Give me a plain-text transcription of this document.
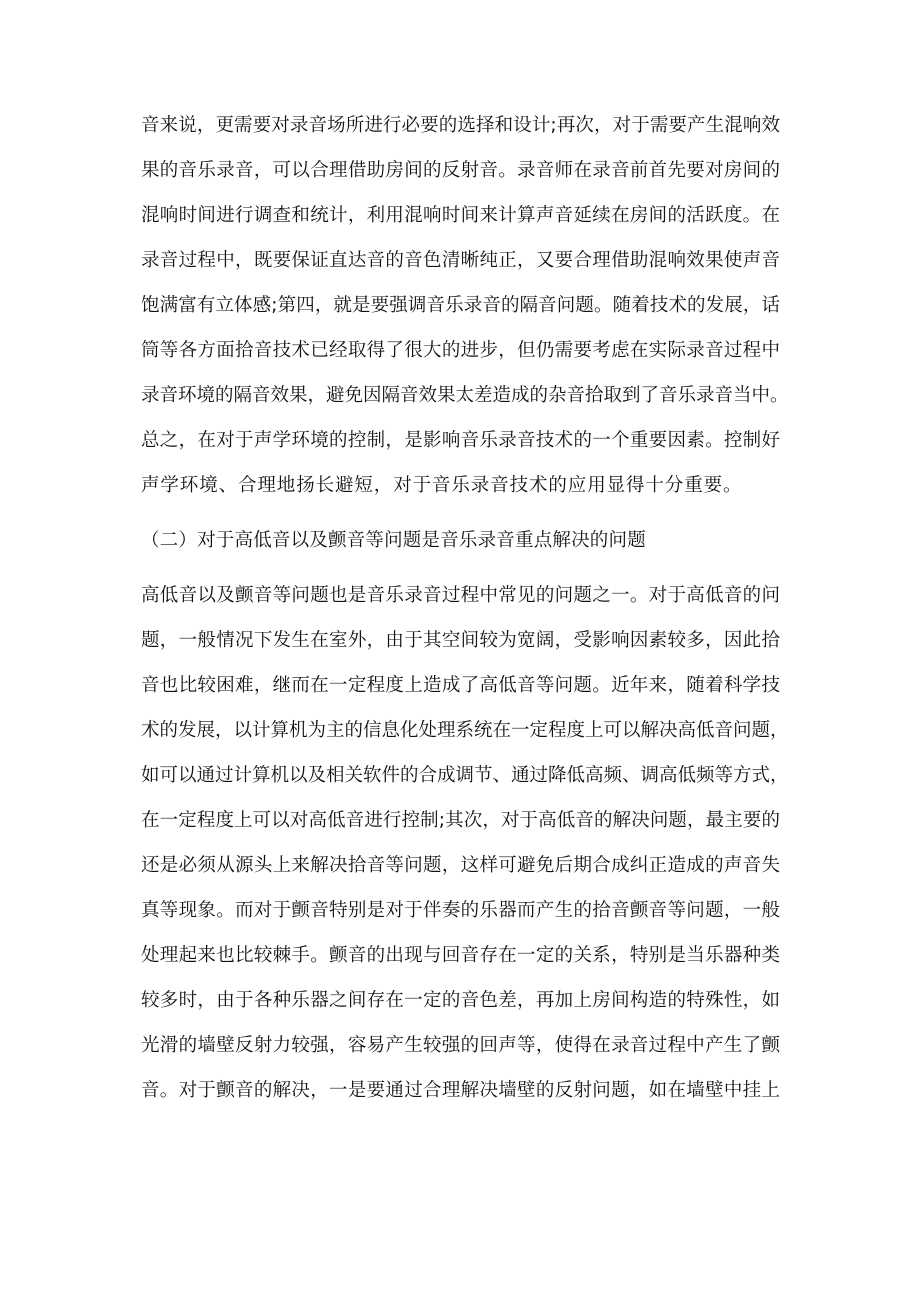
音来说，更需要对录音场所进行必要的选择和设计;再次，对于需要产生混响效
果的音乐录音，可以合理借助房间的反射音。录音师在录音前首先要对房间的
混响时间进行调查和统计，利用混响时间来计算声音延续在房间的活跃度。在
录音过程中，既要保证直达音的音色清晰纯正，又要合理借助混响效果使声音
饱满富有立体感;第四，就是要强调音乐录音的隔音问题。随着技术的发展，话
筒等各方面拾音技术已经取得了很大的进步，但仍需要考虑在实际录音过程中
录音环境的隔音效果，避免因隔音效果太差造成的杂音拾取到了音乐录音当中。
总之，在对于声学环境的控制，是影响音乐录音技术的一个重要因素。控制好
声学环境、合理地扬长避短，对于音乐录音技术的应用显得十分重要。
（二）对于高低音以及颤音等问题是音乐录音重点解决的问题
高低音以及颤音等问题也是音乐录音过程中常见的问题之一。对于高低音的问
题，一般情况下发生在室外，由于其空间较为宽阔，受影响因素较多，因此拾
音也比较困难，继而在一定程度上造成了高低音等问题。近年来，随着科学技
术的发展，以计算机为主的信息化处理系统在一定程度上可以解决高低音问题，
如可以通过计算机以及相关软件的合成调节、通过降低高频、调高低频等方式，
在一定程度上可以对高低音进行控制;其次，对于高低音的解决问题，最主要的
还是必须从源头上来解决拾音等问题，这样可避免后期合成纠正造成的声音失
真等现象。而对于颤音特别是对于伴奏的乐器而产生的拾音颤音等问题，一般
处理起来也比较棘手。颤音的出现与回音存在一定的关系，特别是当乐器种类
较多时，由于各种乐器之间存在一定的音色差，再加上房间构造的特殊性，如
光滑的墙壁反射力较强，容易产生较强的回声等，使得在录音过程中产生了颤
音。对于颤音的解决，一是要通过合理解决墙壁的反射问题，如在墙壁中挂上
